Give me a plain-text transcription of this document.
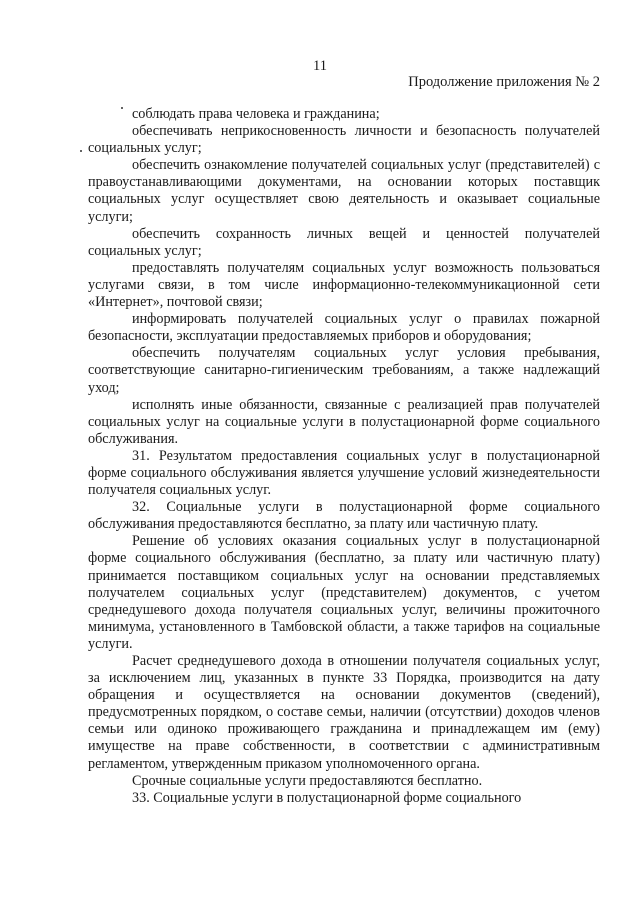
11
Продолжение приложения № 2

соблюдать права человека и гражданина;

обеспечивать неприкосновенность личности и безопасность получателей социальных услуг;

обеспечить ознакомление получателей социальных услуг (представителей) с правоустанавливающими документами, на основании которых поставщик социальных услуг осуществляет свою деятельность и оказывает социальные услуги;

обеспечить сохранность личных вещей и ценностей получателей социальных услуг;

предоставлять получателям социальных услуг возможность пользоваться услугами связи, в том числе информационно-телекоммуникационной сети «Интернет», почтовой связи;

информировать получателей социальных услуг о правилах пожарной безопасности, эксплуатации предоставляемых приборов и оборудования;

обеспечить получателям социальных услуг условия пребывания, соответствующие санитарно-гигиеническим требованиям, а также надлежащий уход;

исполнять иные обязанности, связанные с реализацией прав получателей социальных услуг на социальные услуги в полустационарной форме социального обслуживания.

31. Результатом предоставления социальных услуг в полустационарной форме социального обслуживания является улучшение условий жизнедеятельности получателя социальных услуг.

32. Социальные услуги в полустационарной форме социального обслуживания предоставляются бесплатно, за плату или частичную плату.

Решение об условиях оказания социальных услуг в полустационарной форме социального обслуживания (бесплатно, за плату или частичную плату) принимается поставщиком социальных услуг на основании представляемых получателем социальных услуг (представителем) документов, с учетом среднедушевого дохода получателя социальных услуг, величины прожиточного минимума, установленного в Тамбовской области, а также тарифов на социальные услуги.

Расчет среднедушевого дохода в отношении получателя социальных услуг, за исключением лиц, указанных в пункте 33 Порядка, производится на дату обращения и осуществляется на основании документов (сведений), предусмотренных порядком, о составе семьи, наличии (отсутствии) доходов членов семьи или одиноко проживающего гражданина и принадлежащем им (ему) имуществе на праве собственности, в соответствии с административным регламентом, утвержденным приказом уполномоченного органа.

Срочные социальные услуги предоставляются бесплатно.

33. Социальные услуги в полустационарной форме социального
